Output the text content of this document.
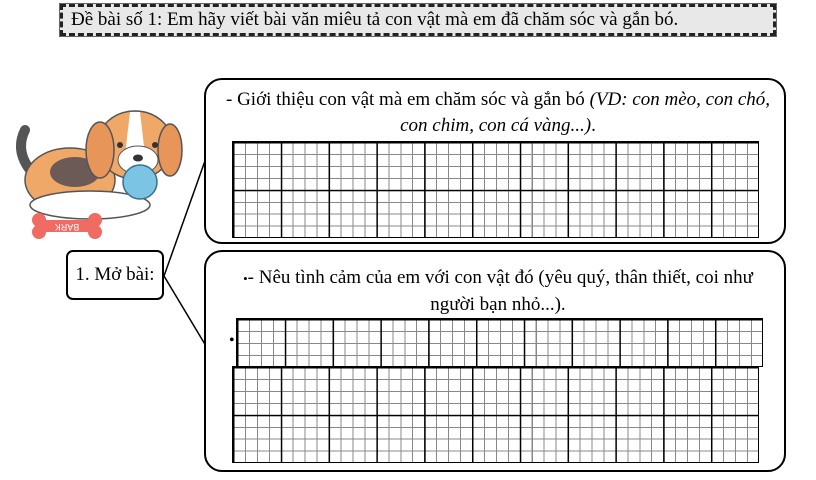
Đề bài số 1: Em hãy viết bài văn miêu tả con vật mà em đã chăm sóc và gắn bó.
BARK
1. Mở bài:
- Giới thiệu con vật mà em chăm sóc và gắn bó (VD: con mèo, con chó, con chim, con cá vàng...).
•- Nêu tình cảm của em với con vật đó (yêu quý, thân thiết, coi như người bạn nhỏ...).
•
